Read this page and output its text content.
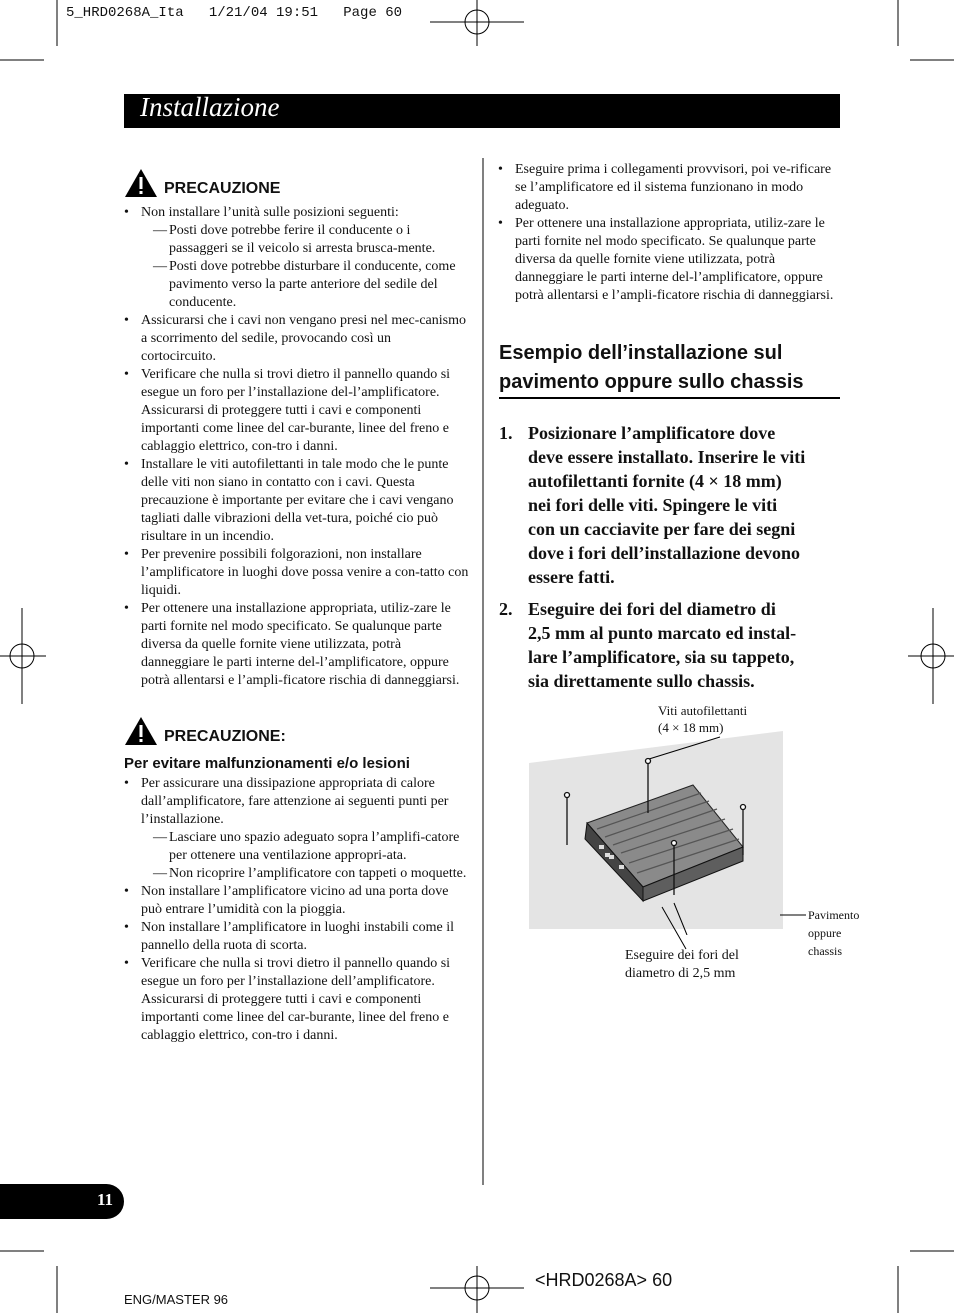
5_HRD0268A_Ita   1/21/04 19:51   Page 60
Installazione
PRECAUZIONE
• Non installare l’unità sulle posizioni seguenti:
— Posti dove potrebbe ferire il conducente o i passaggeri se il veicolo si arresta brusca-mente.
— Posti dove potrebbe disturbare il conducente, come pavimento verso la parte anteriore del sedile del conducente.
• Assicurarsi che i cavi non vengano presi nel mec-canismo a scorrimento del sedile, provocando così un cortocircuito.
• Verificare che nulla si trovi dietro il pannello quando si esegue un foro per l’installazione del-l’amplificatore. Assicurarsi di proteggere tutti i cavi e componenti importanti come linee del car-burante, linee del freno e cablaggio elettrico, con-tro i danni.
• Installare le viti autofilettanti in tale modo che le punte delle viti non siano in contatto con i cavi. Questa precauzione è importante per evitare che i cavi vengano tagliati dalle vibrazioni della vet-tura, poiché cio può risultare in un incendio.
• Per prevenire possibili folgorazioni, non installare l’amplificatore in luoghi dove possa venire a con-tatto con liquidi.
• Per ottenere una installazione appropriata, utiliz-zare le parti fornite nel modo specificato. Se qualunque parte diversa da quelle fornite viene utilizzata, potrà danneggiare le parti interne del-l’amplificatore, oppure potrà allentarsi e l’ampli-ficatore rischia di danneggiarsi.
PRECAUZIONE:
Per evitare malfunzionamenti e/o lesioni
• Per assicurare una dissipazione appropriata di calore dall’amplificatore, fare attenzione ai seguenti punti per l’installazione.
— Lasciare uno spazio adeguato sopra l’amplifi-catore per ottenere una ventilazione appropri-ata.
— Non ricoprire l’amplificatore con tappeti o moquette.
• Non installare l’amplificatore vicino ad una porta dove può entrare l’umidità con la pioggia.
• Non installare l’amplificatore in luoghi instabili come il pannello della ruota di scorta.
• Verificare che nulla si trovi dietro il pannello quando si esegue un foro per l’installazione dell’amplificatore. Assicurarsi di proteggere tutti i cavi e componenti importanti come linee del car-burante, linee del freno e cablaggio elettrico, con-tro i danni.
• Eseguire prima i collegamenti provvisori, poi ve-rificare se l’amplificatore ed il sistema funzionano in modo adeguato.
• Per ottenere una installazione appropriata, utiliz-zare le parti fornite nel modo specificato. Se qualunque parte diversa da quelle fornite viene utilizzata, potrà danneggiare le parti interne del-l’amplificatore, oppure potrà allentarsi e l’ampli-ficatore rischia di danneggiarsi.
Esempio dell’installazione sul
pavimento oppure sullo chassis
1. Posizionare l’amplificatore dove
deve essere installato. Inserire le viti
autofilettanti fornite (4 × 18 mm)
nei fori delle viti. Spingere le viti
con un cacciavite per fare dei segni
dove i fori dell’installazione devono
essere fatti.
2. Eseguire dei fori del diametro di
2,5 mm al punto marcato ed instal-
lare l’amplificatore, sia su tappeto,
sia direttamente sullo chassis.
Viti autofilettanti
(4 × 18 mm)
Eseguire dei fori del
diametro di 2,5 mm
Pavimento
oppure
chassis
11
<HRD0268A> 60
ENG/MASTER 96
